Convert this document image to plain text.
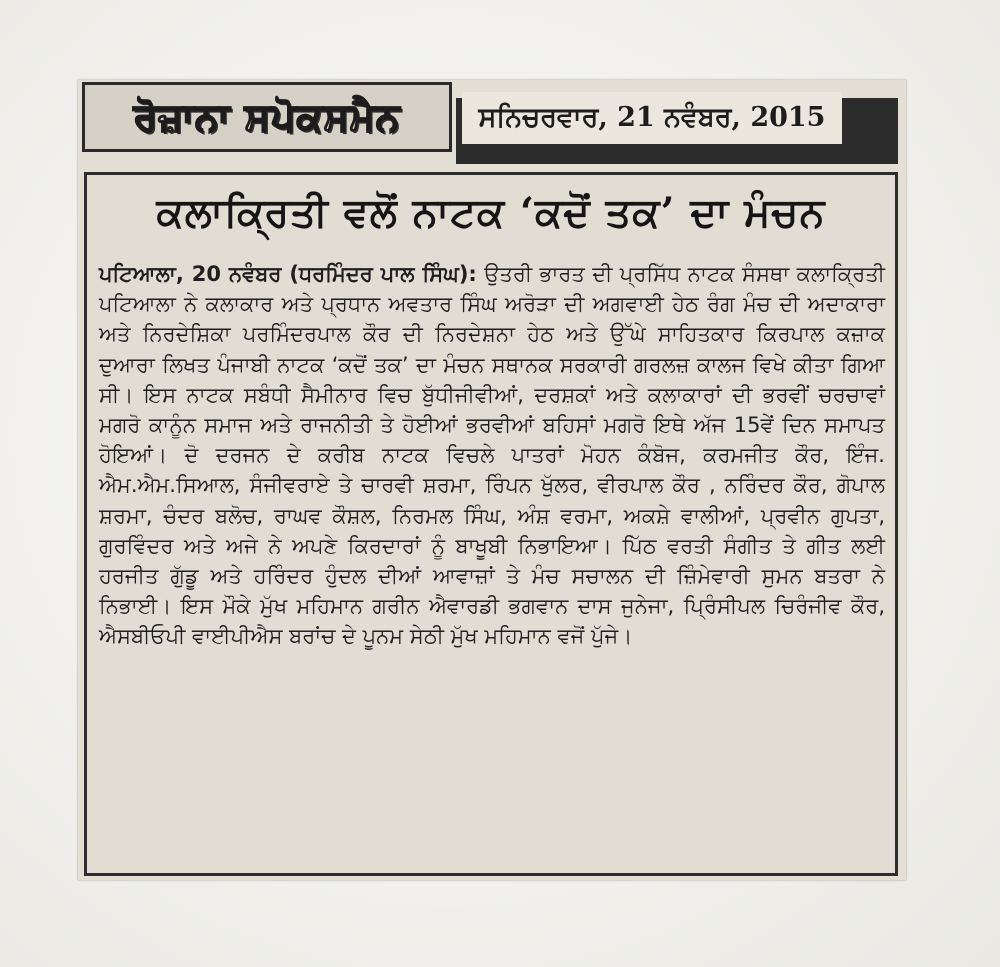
ਰੋਜ਼ਾਨਾ ਸਪੋਕਸਮੈਨ	ਸਨਿਚਰਵਾਰ, 21 ਨਵੰਬਰ, 2015
ਕਲਾਕ੍ਰਿਤੀ ਵਲੋਂ ਨਾਟਕ ‘ਕਦੋਂ ਤਕ’ ਦਾ ਮੰਚਨ
ਪਟਿਆਲਾ, 20 ਨਵੰਬਰ (ਧਰਮਿੰਦਰ ਪਾਲ ਸਿੰਘ): ਉਤਰੀ ਭਾਰਤ ਦੀ ਪ੍ਰਸਿੱਧ ਨਾਟਕ ਸੰਸਥਾ ਕਲਾਕ੍ਰਿਤੀ ਪਟਿਆਲਾ ਨੇ ਕਲਾਕਾਰ ਅਤੇ ਪ੍ਰਧਾਨ ਅਵਤਾਰ ਸਿੰਘ ਅਰੋੜਾ ਦੀ ਅਗਵਾਈ ਹੇਠ ਰੰਗ ਮੰਚ ਦੀ ਅਦਾਕਾਰਾ ਅਤੇ ਨਿਰਦੇਸ਼ਿਕਾ ਪਰਮਿੰਦਰਪਾਲ ਕੌਰ ਦੀ ਨਿਰਦੇਸ਼ਨਾ ਹੇਠ ਅਤੇ ਉੱਘੇ ਸਾਹਿਤਕਾਰ ਕਿਰਪਾਲ ਕਜ਼ਾਕ ਦੁਆਰਾ ਲਿਖਤ ਪੰਜਾਬੀ ਨਾਟਕ ‘ਕਦੋਂ ਤਕ’ ਦਾ ਮੰਚਨ ਸਥਾਨਕ ਸਰਕਾਰੀ ਗਰਲਜ਼ ਕਾਲਜ ਵਿਖੇ ਕੀਤਾ ਗਿਆ ਸੀ। ਇਸ ਨਾਟਕ ਸਬੰਧੀ ਸੈਮੀਨਾਰ ਵਿਚ ਬੁੱਧੀਜੀਵੀਆਂ, ਦਰਸ਼ਕਾਂ ਅਤੇ ਕਲਾਕਾਰਾਂ ਦੀ ਭਰਵੀਂ ਚਰਚਾਵਾਂ ਮਗਰੋ ਕਾਨੂੰਨ ਸਮਾਜ ਅਤੇ ਰਾਜਨੀਤੀ ਤੇ ਹੋਈਆਂ ਭਰਵੀਆਂ ਬਹਿਸਾਂ ਮਗਰੋ ਇਥੇ ਅੱਜ 15ਵੇਂ ਦਿਨ ਸਮਾਪਤ ਹੋਇਆਂ। ਦੋ ਦਰਜਨ ਦੇ ਕਰੀਬ ਨਾਟਕ ਵਿਚਲੇ ਪਾਤਰਾਂ ਮੋਹਨ ਕੰਬੋਜ, ਕਰਮਜੀਤ ਕੌਰ, ਇੰਜ. ਐਮ.ਐਮ.ਸਿਆਲ, ਸੰਜੀਵਰਾਏ ਤੇ ਚਾਰਵੀ ਸ਼ਰਮਾ, ਰਿੰਪਨ ਖੁੱਲਰ, ਵੀਰਪਾਲ ਕੌਰ , ਨਰਿੰਦਰ ਕੌਰ, ਗੋਪਾਲ ਸ਼ਰਮਾ, ਚੰਦਰ ਬਲੋਚ, ਰਾਘਵ ਕੌਸ਼ਲ, ਨਿਰਮਲ ਸਿੰਘ, ਅੰਸ਼ ਵਰਮਾ, ਅਕਸ਼ੇ ਵਾਲੀਆਂ, ਪ੍ਰਵੀਨ ਗੁਪਤਾ, ਗੁਰਵਿੰਦਰ ਅਤੇ ਅਜੇ ਨੇ ਅਪਣੇ ਕਿਰਦਾਰਾਂ ਨੂੰ ਬਾਖੂਬੀ ਨਿਭਾਇਆ। ਪਿੱਠ ਵਰਤੀ ਸੰਗੀਤ ਤੇ ਗੀਤ ਲਈ ਹਰਜੀਤ ਗੁੱਡੂ ਅਤੇ ਹਰਿੰਦਰ ਹੁੰਦਲ ਦੀਆਂ ਆਵਾਜ਼ਾਂ ਤੇ ਮੰਚ ਸਚਾਲਨ ਦੀ ਜ਼ਿੰਮੇਵਾਰੀ ਸੁਮਨ ਬਤਰਾ ਨੇ ਨਿਭਾਈ। ਇਸ ਮੌਕੇ ਮੁੱਖ ਮਹਿਮਾਨ ਗਰੀਨ ਐਵਾਰਡੀ ਭਗਵਾਨ ਦਾਸ ਜੁਨੇਜਾ, ਪ੍ਰਿੰਸੀਪਲ ਚਿਰੰਜੀਵ ਕੌਰ, ਐਸਬੀਓਪੀ ਵਾਈਪੀਐਸ ਬਰਾਂਚ ਦੇ ਪੂਨਮ ਸੇਠੀ ਮੁੱਖ ਮਹਿਮਾਨ ਵਜੋਂ ਪੁੱਜੇ।
